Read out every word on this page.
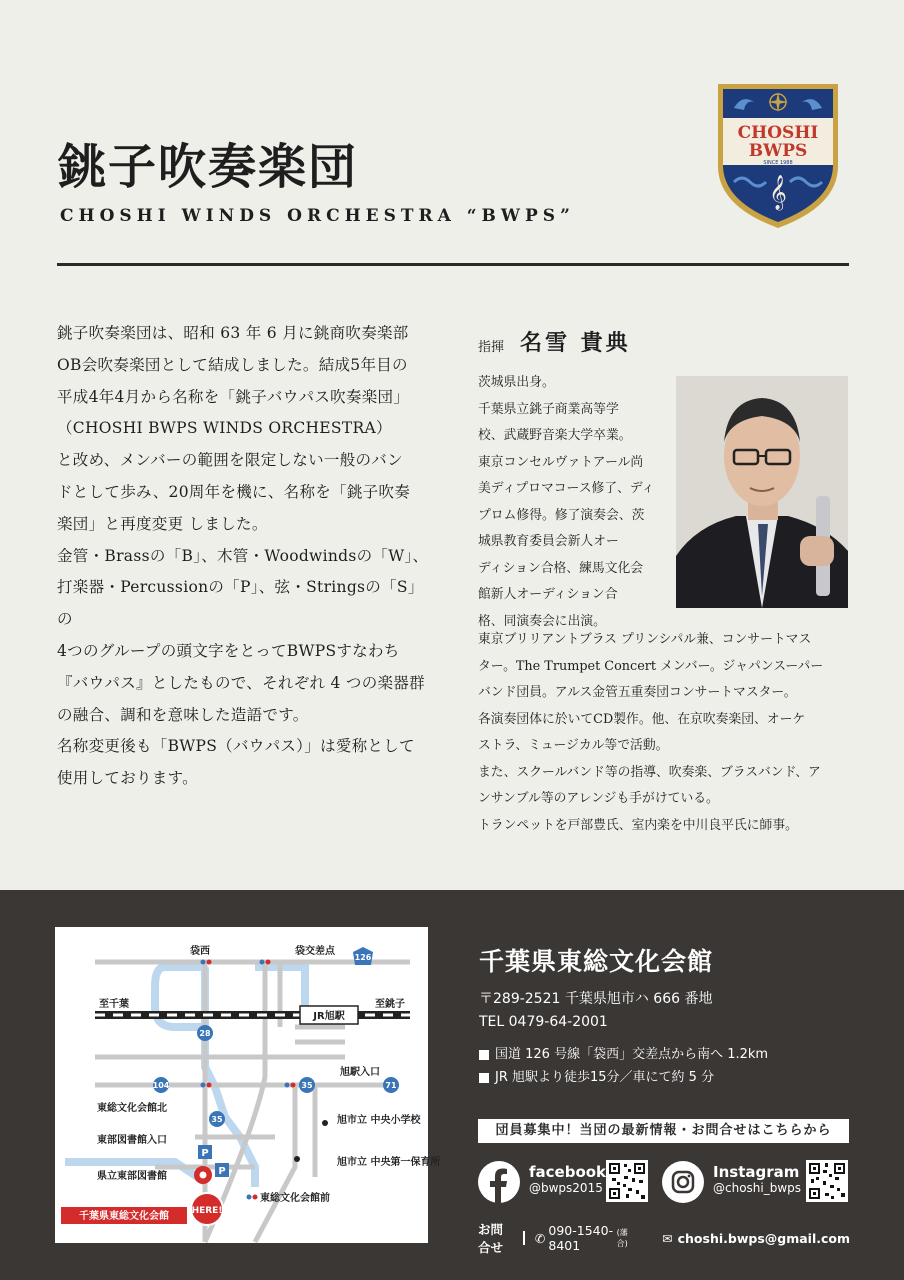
銚子吹奏楽団
CHOSHI WINDS ORCHESTRA “BWPS”
CHOSHI
BWPS
SINCE 1988
𝄞

銚子吹奏楽団は、昭和 63 年 6 月に銚商吹奏楽部

OB会吹奏楽団として結成しました。結成5年目の

平成4年4月から名称を「銚子バウパス吹奏楽団」

（CHOSHI BWPS WINDS ORCHESTRA）

と改め、メンバーの範囲を限定しない一般のバン

ドとして歩み、20周年を機に、名称を「銚子吹奏

楽団」と再度変更 しました。

金管・Brassの「B」、木管・Woodwindsの「W」、

打楽器・Percussionの「P」、弦・Stringsの「S」の

4つのグループの頭文字をとってBWPSすなわち

『バウパス』としたもので、それぞれ 4 つの楽器群

の融合、調和を意味した造語です。

名称変更後も「BWPS（バウパス）」は愛称として

使用しております。

指揮 名雪 貴典

茨城県出身。

千葉県立銚子商業高等学

校、武蔵野音楽大学卒業。

東京コンセルヴァトアール尚

美ディプロマコース修了、ディ

プロム修得。修了演奏会、茨

城県教育委員会新人オー

ディション合格、練馬文化会

館新人オーディション合

格、同演奏会に出演。

東京ブリリアントブラス プリンシパル兼、コンサートマス

ター。The Trumpet Concert メンバー。ジャパンスーパー

バンド団員。アルス金管五重奏団コンサートマスター。

各演奏団体に於いてCD製作。他、在京吹奏楽団、オーケ

ストラ、ミュージカル等で活動。

また、スクールバンド等の指導、吹奏楽、ブラスバンド、ア

ンサンブル等のアレンジも手がけている。

トランペットを戸部豊氏、室内楽を中川良平氏に師事。

JR旭駅
袋西	袋交差点
至千葉	至銚子
旭駅入口
東総文化会館北
東部図書館入口
県立東部図書館
旭市立 中央小学校
旭市立 中央第一保育所
東総文化会館前
126
28
104	35
35
71
P
P
HERE!
千葉県東総文化会館
千葉県東総文化会館
〒289-2521 千葉県旭市ハ 666 番地
TEL 0479-64-2001
国道 126 号線「袋西」交差点から南へ 1.2km
JR 旭駅より徒歩15分／車にて約 5 分
団員募集中！当団の最新情報・お問合せはこちらから
facebook
@bwps2015
Instagram
@choshi_bwps
お問合せ
✆ 090-1540-8401
(藩合)	✉ choshi.bwps@gmail.com
